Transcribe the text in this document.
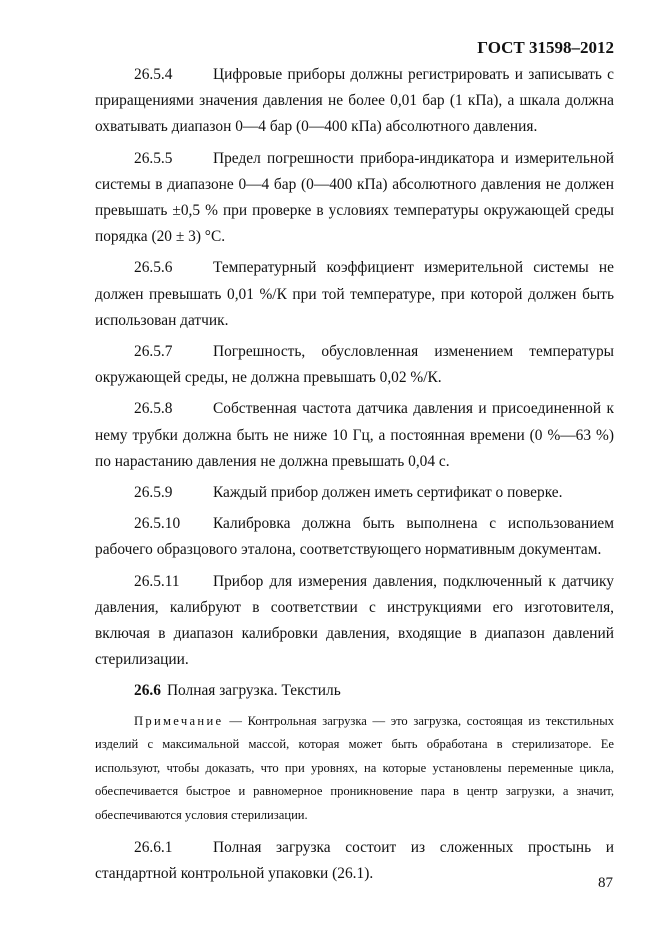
ГОСТ 31598–2012

26.5.4	Цифровые приборы должны регистрировать и записывать с приращениями значения давления не более 0,01 бар (1 кПа), а шкала должна охватывать диапазон 0—4 бар (0—400 кПа) абсолютного давления.

26.5.5	Предел погрешности прибора-индикатора и измерительной системы в диапазоне 0—4 бар (0—400 кПа) абсолютного давления не должен превышать ±0,5 % при проверке в условиях температуры окружающей среды порядка (20 ± 3) °С.

26.5.6	Температурный коэффициент измерительной системы не должен превышать 0,01 %/К при той температуре, при которой должен быть использован датчик.

26.5.7	Погрешность, обусловленная изменением температуры окружающей среды, не должна превышать 0,02 %/К.

26.5.8	Собственная частота датчика давления и присоединенной к нему трубки должна быть не ниже 10 Гц, а постоянная времени (0 %—63 %) по нарастанию давления не должна превышать 0,04 с.

26.5.9	Каждый прибор должен иметь сертификат о поверке.

26.5.10 Калибровка должна быть выполнена с использованием рабочего образцового эталона, соответствующего нормативным документам.

26.5.11 Прибор для измерения давления, подключенный к датчику давления, калибруют в соответствии с инструкциями его изготовителя, включая в диапазон калибровки давления, входящие в диапазон давлений стерилизации.

26.6 Полная загрузка. Текстиль

Примечание — Контрольная загрузка — это загрузка, состоящая из текстильных изделий с максимальной массой, которая может быть обработана в стерилизаторе. Ее используют, чтобы доказать, что при уровнях, на которые установлены переменные цикла, обеспечивается быстрое и равномерное проникновение пара в центр загрузки, а значит, обеспечиваются условия стерилизации.

26.6.1	Полная загрузка состоит из сложенных простынь и стандартной контрольной упаковки (26.1).

87
